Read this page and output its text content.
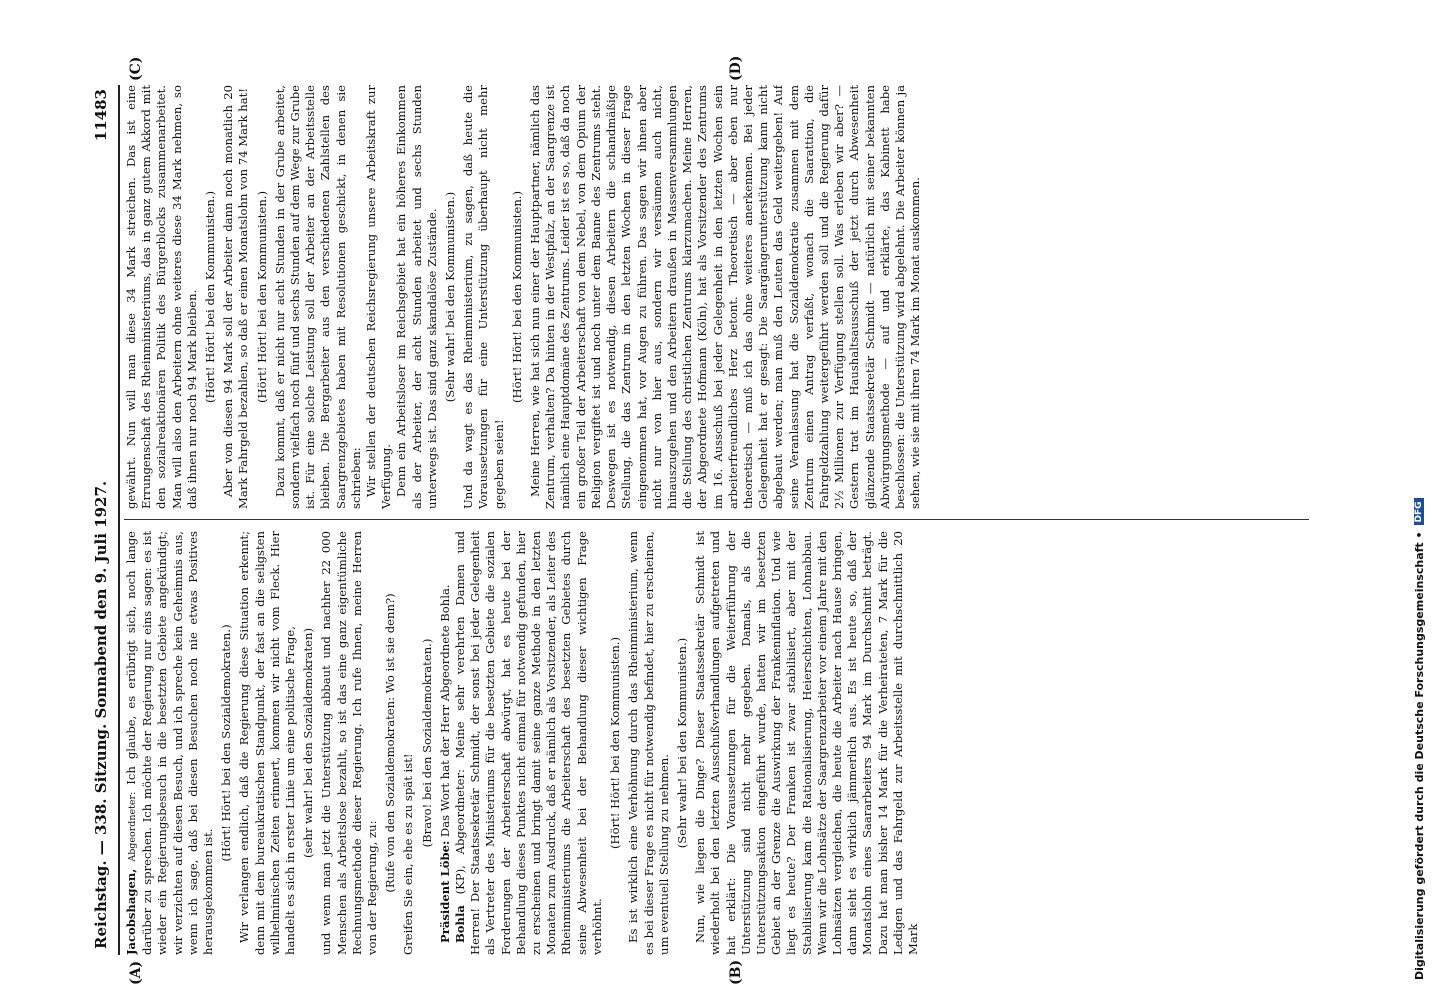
Reichstag. — 338. Sitzung. Sonnabend den 9. Juli 1927.
11483

Jacobshagen, Abgeordneter: Ich glaube, es erübrigt sich, noch lange darüber zu sprechen. Ich möchte der Regierung nur eins sagen: es ist wieder ein Regierungsbesuch in die besetzten Gebiete angekündigt; wir verzichten auf diesen Besuch, und ich spreche kein Geheimnis aus, wenn ich sage, daß bei diesen Besuchen noch nie etwas Positives herausgekommen ist.

(Hört! Hört! bei den Sozialdemokraten.) Wir verlangen endlich, daß die Regierung diese Situation erkennt; denn mit dem bureaukratischen Standpunkt, der fast an die seligsten wilhelminischen Zeiten erinnert, kommen wir nicht vom Fleck. Hier handelt es sich in erster Linie um eine politische Frage, (sehr wahr! bei den Sozialdemokraten) und wenn man jetzt die Unterstützung abbaut und nachher 22 000 Menschen als Arbeitslose bezahlt, so ist das eine ganz eigentümliche Rechnungsmethode dieser Regierung. Ich rufe Ihnen, meine Herren von der Regierung, zu: (Rufe von den Sozialdemokraten: Wo ist sie denn?) Greifen Sie ein, ehe es zu spät ist!

(Bravo! bei den Sozialdemokraten.)

Präsident Löbe: Das Wort hat der Herr Abgeordnete Bohla.

Bohla (KP), Abgeordneter: Meine sehr verehrten Damen und Herren! Der Staatssekretär Schmidt, der sonst bei jeder Gelegenheit als Vertreter des Ministeriums für die besetzten Gebiete die sozialen Forderungen der Arbeiterschaft abwürgt, hat es heute bei der Behandlung dieses Punktes nicht einmal für notwendig gefunden, hier zu erscheinen und bringt damit seine ganze Methode in den letzten Monaten zum Ausdruck, daß er nämlich als Vorsitzender, als Leiter des Rheinministeriums die Arbeiterschaft des besetzten Gebietes durch seine Abwesenheit bei der Behandlung dieser wichtigen Frage verhöhnt.

(Hört! Hört! bei den Kommunisten.) Es ist wirklich eine Verhöhnung durch das Rheinministerium, wenn es bei dieser Frage es nicht für notwendig befindet, hier zu erscheinen, um eventuell Stellung zu nehmen.

(Sehr wahr! bei den Kommunisten.) Nun, wie liegen die Dinge? Dieser Staatssekretär Schmidt ist wiederholt bei den letzten Ausschußverhandlungen aufgetreten und hat erklärt: Die Voraussetzungen für die Weiterführung der Unterstützung sind nicht mehr gegeben. Damals, als die Unterstützungsaktion eingeführt wurde, hatten wir im besetzten Gebiet an der Grenze die Auswirkung der Frankeninflation. Und wie liegt es heute? Der Franken ist zwar stabilisiert, aber mit der Stabilisierung kam die Rationalisierung, Heierschichten, Lohnabbau. Wenn wir die Lohnsätze der Saargrenzarbeiter vor einem Jahre mit den Lohnsätzen vergleichen, die heute die Arbeiter nach Hause bringen, dann sieht es wirklich jämmerlich aus. Es ist heute so, daß der Monatslohn eines Saararbeiters 94 Mark im Durchschnitt beträgt. Dazu hat man bisher 14 Mark für die Verheirateten, 7 Mark für die Ledigen und das Fahrgeld zur Arbeitsstelle mit durchschnittlich 20 Mark

gewährt. Nun will man diese 34 Mark streichen. Das ist eine Errungenschaft des Rheinministeriums, das in ganz gutem Akkord mit den sozialreaktionären Politik des Bürgerblocks zusammenarbeitet. Man will also den Arbeitern ohne weiteres diese 34 Mark nehmen, so daß ihnen nur noch 94 Mark bleiben. (Hört! Hört! bei den Kommunisten.) Aber von diesen 94 Mark soll der Arbeiter dann noch monatlich 20 Mark Fahrgeld bezahlen, so daß er einen Monatslohn von 74 Mark hat! (Hört! Hört! bei den Kommunisten.) Dazu kommt, daß er nicht nur acht Stunden in der Grube arbeitet, sondern vielfach noch fünf und sechs Stunden auf dem Wege zur Grube ist. Für eine solche Leistung soll der Arbeiter an der Arbeitsstelle bleiben. Die Bergarbeiter aus den verschiedenen Zahlstellen des Saargrenzgebietes haben mit Resolutionen geschickt, in denen sie schrieben: Wir stellen der deutschen Reichsregierung unsere Arbeitskraft zur Verfügung. Denn ein Arbeitsloser im Reichsgebiet hat ein höheres Einkommen als der Arbeiter, der acht Stunden arbeitet und sechs Stunden unterwegs ist. Das sind ganz skandalöse Zustände. (Sehr wahr! bei den Kommunisten.) Und da wagt es das Rheinministerium, zu sagen, daß heute die Voraussetzungen für eine Unterstützung überhaupt nicht mehr gegeben seien!

(Hört! Hört! bei den Kommunisten.) Meine Herren, wie hat sich nun einer der Hauptpartner, nämlich das Zentrum, verhalten? Da hinten in der Westpfalz, an der Saargrenze ist nämlich eine Hauptdomäne des Zentrums. Leider ist es so, daß da noch ein großer Teil der Arbeiterschaft von dem Nebel, von dem Opium der Religion vergiftet ist und noch unter dem Banne des Zentrums steht. Deswegen ist es notwendig, diesen Arbeitern die schandmäßige Stellung, die das Zentrum in den letzten Wochen in dieser Frage eingenommen hat, vor Augen zu führen. Das sagen wir ihnen aber nicht nur von hier aus, sondern wir versäumen auch nicht, hinauszugehen und den Arbeitern draußen in Massenversammlungen die Stellung des christlichen Zentrums klarzumachen. Meine Herren, der Abgeordnete Hofmann (Köln), hat als Vorsitzender des Zentrums im 16. Ausschuß bei jeder Gelegenheit in den letzten Wochen sein arbeiterfreundliches Herz betont. Theoretisch — aber eben nur theoretisch — muß ich das ohne weiteres anerkennen. Bei jeder Gelegenheit hat er gesagt: Die Saargängerunterstützung kann nicht abgebaut werden; man muß den Leuten das Geld weitergeben! Auf seine Veranlassung hat die Sozialdemokratie zusammen mit dem Zentrum einen Antrag verfaßt, wonach die Saarattion, die Fahrgeldzahlung weitergeführt werden soll und die Regierung dafür 2½ Millionen zur Verfügung stellen soll. Was erleben wir aber? — Gestern trat im Haushaltsausschuß der jetzt durch Abwesenheit glänzende Staatssekretär Schmidt — natürlich mit seiner bekannten Abwürgungsmethode — auf und erklärte, das Kabinett habe beschlossen: die Unterstützung wird abgelehnt. Die Arbeiter können ja sehen, wie sie mit ihren 74 Mark im Monat auskommen.

(A)	(B)
(C)	(D)
Digitalisierung gefördert durch die Deutsche Forschungsgemeinschaft •
DFG
